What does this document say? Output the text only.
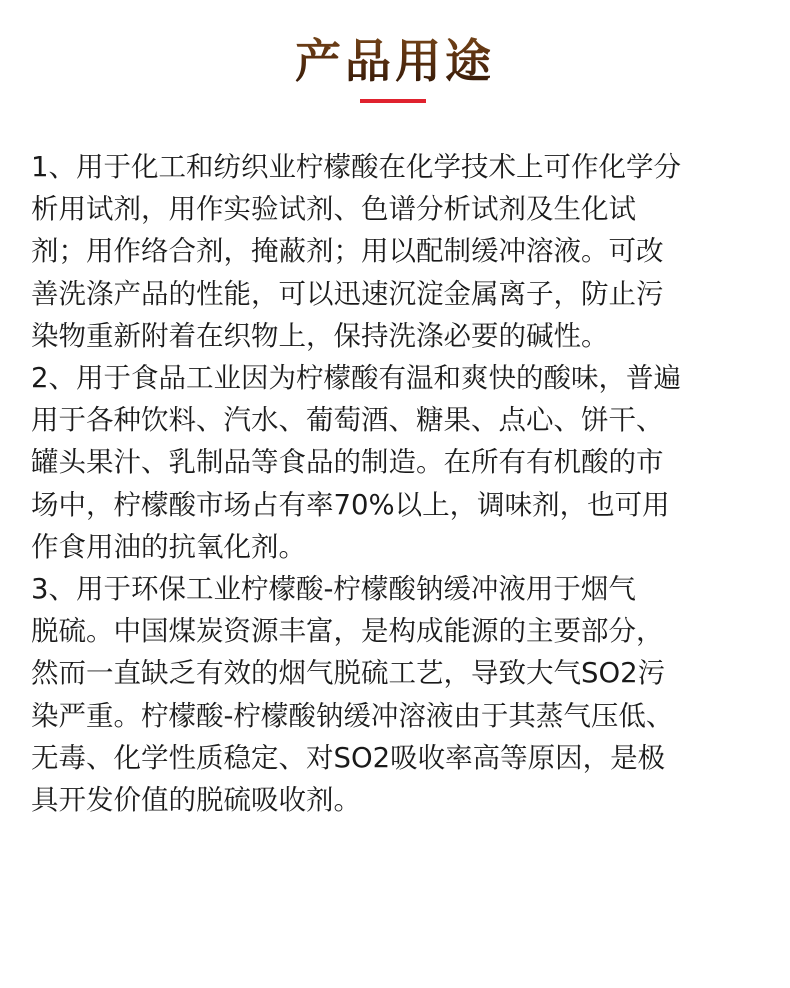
产品用途
1、用于化工和纺织业柠檬酸在化学技术上可作化学分
析用试剂，用作实验试剂、色谱分析试剂及生化试
剂；用作络合剂，掩蔽剂；用以配制缓冲溶液。可改
善洗涤产品的性能，可以迅速沉淀金属离子，防止污
染物重新附着在织物上，保持洗涤必要的碱性。
2、用于食品工业因为柠檬酸有温和爽快的酸味，普遍
用于各种饮料、汽水、葡萄酒、糖果、点心、饼干、
罐头果汁、乳制品等食品的制造。在所有有机酸的市
场中，柠檬酸市场占有率70%以上，调味剂，也可用
作食用油的抗氧化剂。
3、用于环保工业柠檬酸-柠檬酸钠缓冲液用于烟气
脱硫。中国煤炭资源丰富，是构成能源的主要部分，
然而一直缺乏有效的烟气脱硫工艺，导致大气SO2污
染严重。柠檬酸-柠檬酸钠缓冲溶液由于其蒸气压低、
无毒、化学性质稳定、对SO2吸收率高等原因，是极
具开发价值的脱硫吸收剂。
